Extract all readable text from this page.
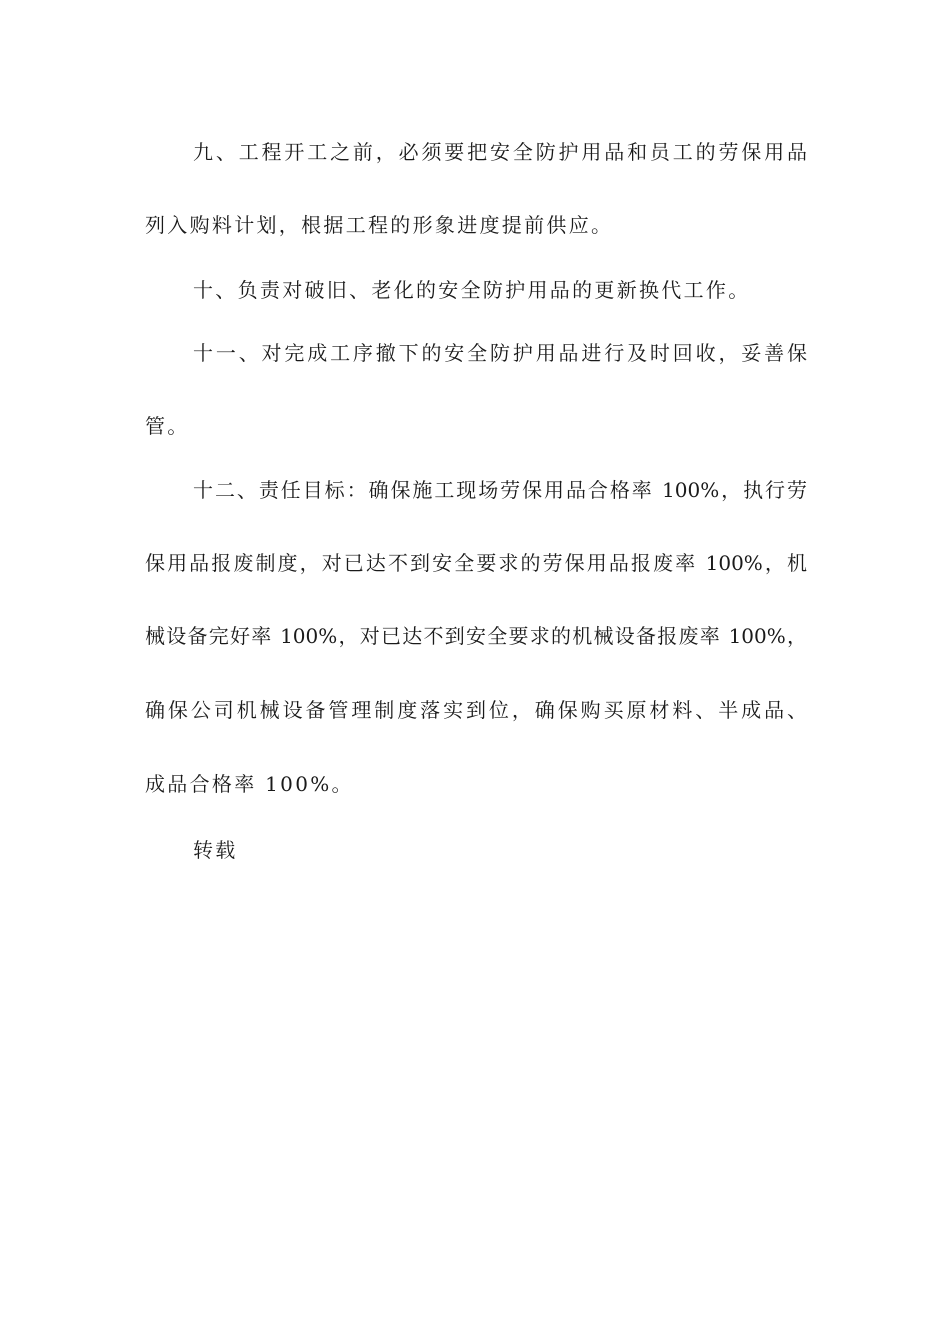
九、工程开工之前，必须要把安全防护用品和员工的劳保用品
列入购料计划，根据工程的形象进度提前供应。
十、负责对破旧、老化的安全防护用品的更新换代工作。
十一、对完成工序撤下的安全防护用品进行及时回收，妥善保
管。
十二、责任目标：确保施工现场劳保用品合格率 100%，执行劳
保用品报废制度，对已达不到安全要求的劳保用品报废率 100%，机
械设备完好率 100%，对已达不到安全要求的机械设备报废率 100%，
确保公司机械设备管理制度落实到位，确保购买原材料、半成品、
成品合格率 100%。
转载
